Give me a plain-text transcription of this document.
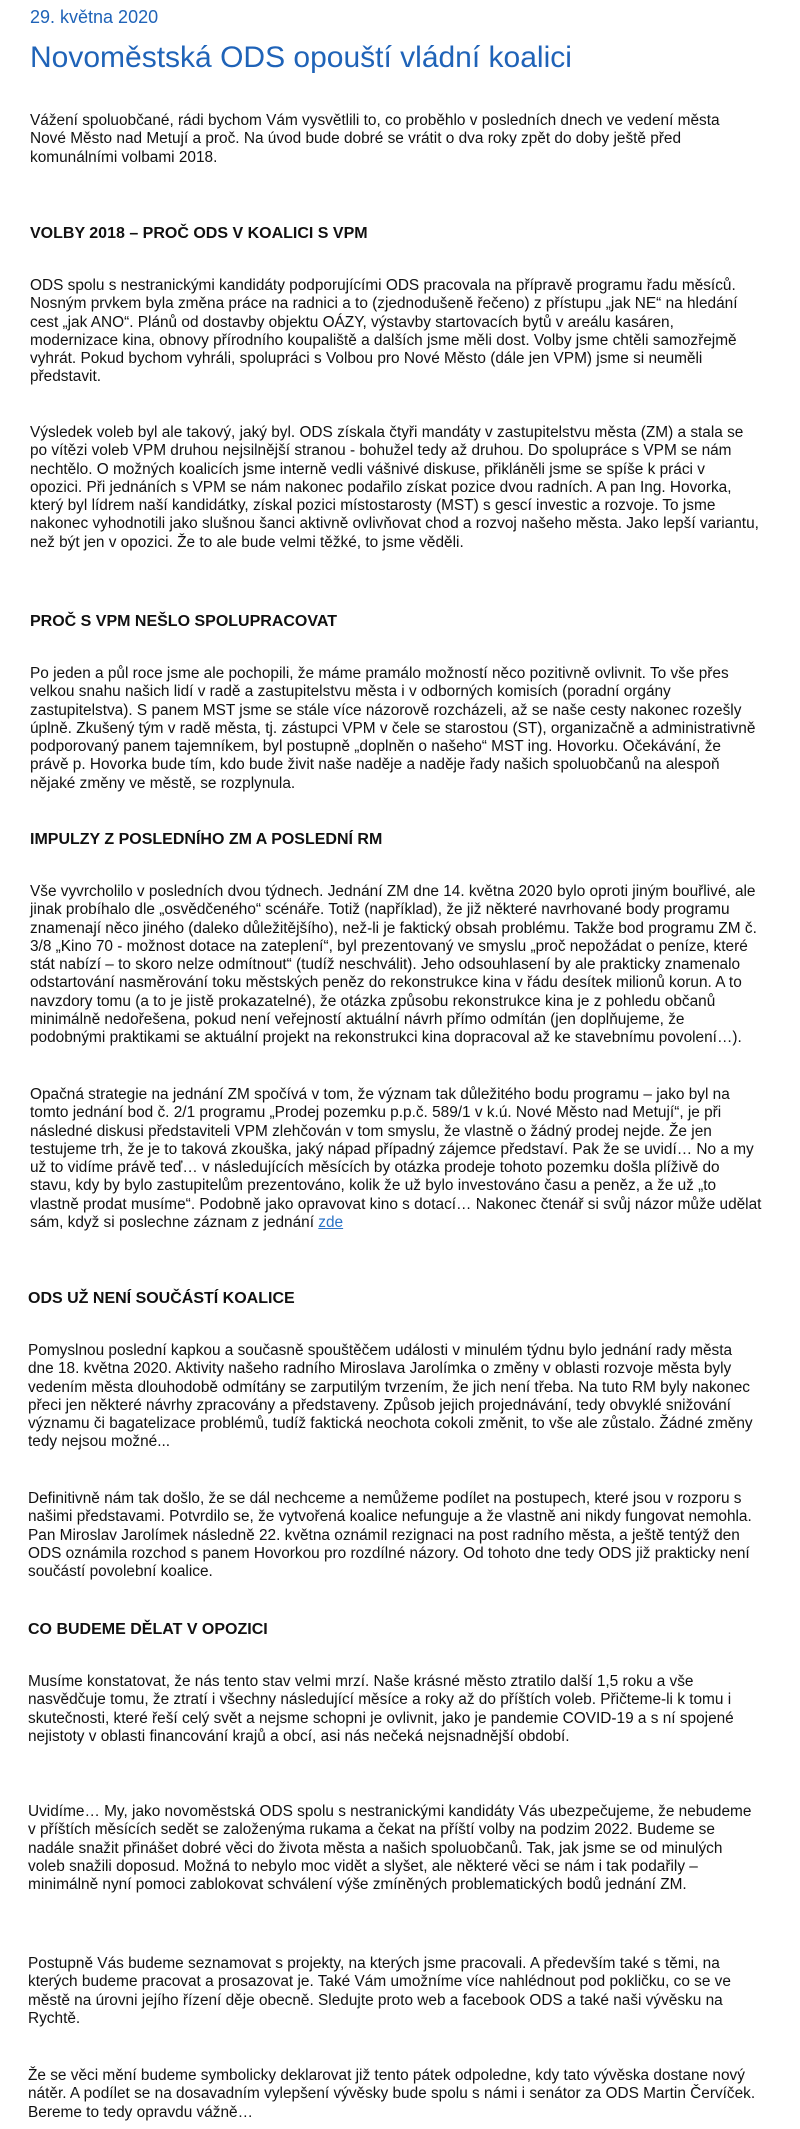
29. května 2020
Novoměstská ODS opouští vládní koalici

Vážení spoluobčané, rádi bychom Vám vysvětlili to, co proběhlo v posledních dnech ve vedení města Nové Město nad Metují a proč. Na úvod bude dobré se vrátit o dva roky zpět do doby ještě před komunálními volbami 2018.

VOLBY 2018 – PROČ ODS V KOALICI S VPM

ODS spolu s nestranickými kandidáty podporujícími ODS pracovala na přípravě programu řadu měsíců. Nosným prvkem byla změna práce na radnici a to (zjednodušeně řečeno) z přístupu „jak NE“ na hledání cest „jak ANO“. Plánů od dostavby objektu OÁZY, výstavby startovacích bytů v areálu kasáren, modernizace kina, obnovy přírodního koupaliště a dalších jsme měli dost. Volby jsme chtěli samozřejmě vyhrát. Pokud bychom vyhráli, spolupráci s Volbou pro Nové Město (dále jen VPM) jsme si neuměli představit.

Výsledek voleb byl ale takový, jaký byl. ODS získala čtyři mandáty v zastupitelstvu města (ZM) a stala se po vítězi voleb VPM druhou nejsilnější stranou - bohužel tedy až druhou. Do spolupráce s VPM se nám nechtělo. O možných koalicích jsme interně vedli vášnivé diskuse, přikláněli jsme se spíše k práci v opozici. Při jednáních s VPM se nám nakonec podařilo získat pozice dvou radních. A pan Ing. Hovorka, který byl lídrem naší kandidátky, získal pozici místostarosty (MST) s gescí investic a rozvoje. To jsme nakonec vyhodnotili jako slušnou šanci aktivně ovlivňovat chod a rozvoj našeho města. Jako lepší variantu, než být jen v opozici. Že to ale bude velmi těžké, to jsme věděli.

PROČ S VPM NEŠLO SPOLUPRACOVAT

Po jeden a půl roce jsme ale pochopili, že máme pramálo možností něco pozitivně ovlivnit. To vše přes velkou snahu našich lidí v radě a zastupitelstvu města i v odborných komisích (poradní orgány zastupitelstva). S panem MST jsme se stále více názorově rozcházeli, až se naše cesty nakonec rozešly úplně. Zkušený tým v radě města, tj. zástupci VPM v čele se starostou (ST), organizačně a administrativně podporovaný panem tajemníkem, byl postupně „doplněn o našeho“ MST ing. Hovorku. Očekávání, že právě p. Hovorka bude tím, kdo bude živit naše naděje a naděje řady našich spoluobčanů na alespoň nějaké změny ve městě, se rozplynula.

IMPULZY Z POSLEDNÍHO ZM A POSLEDNÍ RM

Vše vyvrcholilo v posledních dvou týdnech. Jednání ZM dne 14. května 2020 bylo oproti jiným bouřlivé, ale jinak probíhalo dle „osvědčeného“ scénáře. Totiž (například), že již některé navrhované body programu znamenají něco jiného (daleko důležitějšího), než-li je faktický obsah problému. Takže bod programu ZM č. 3/8 „Kino 70 - možnost dotace na zateplení“, byl prezentovaný ve smyslu „proč nepožádat o peníze, které stát nabízí – to skoro nelze odmítnout“ (tudíž neschválit). Jeho odsouhlasení by ale prakticky znamenalo odstartování nasměrování toku městských peněz do rekonstrukce kina v řádu desítek milionů korun. A to navzdory tomu (a to je jistě prokazatelné), že otázka způsobu rekonstrukce kina je z pohledu občanů minimálně nedořešena, pokud není veřejností aktuální návrh přímo odmítán (jen doplňujeme, že podobnými praktikami se aktuální projekt na rekonstrukci kina dopracoval až ke stavebnímu povolení…).

Opačná strategie na jednání ZM spočívá v tom, že význam tak důležitého bodu programu – jako byl na tomto jednání bod č. 2/1 programu „Prodej pozemku p.p.č. 589/1 v k.ú. Nové Město nad Metují“, je při následné diskusi představiteli VPM zlehčován v tom smyslu, že vlastně o žádný prodej nejde. Že jen testujeme trh, že je to taková zkouška, jaký nápad případný zájemce představí. Pak že se uvidí… No a my už to vidíme právě teď… v následujících měsících by otázka prodeje tohoto pozemku došla plíživě do stavu, kdy by bylo zastupitelům prezentováno, kolik že už bylo investováno času a peněz, a že už „to vlastně prodat musíme“. Podobně jako opravovat kino s dotací… Nakonec čtenář si svůj názor může udělat sám, když si poslechne záznam z jednání zde

ODS UŽ NENÍ SOUČÁSTÍ KOALICE

Pomyslnou poslední kapkou a současně spouštěčem události v minulém týdnu bylo jednání rady města dne 18. května 2020. Aktivity našeho radního Miroslava Jarolímka o změny v oblasti rozvoje města byly vedením města dlouhodobě odmítány se zarputilým tvrzením, že jich není třeba. Na tuto RM byly nakonec přeci jen některé návrhy zpracovány a představeny. Způsob jejich projednávání, tedy obvyklé snižování významu či bagatelizace problémů, tudíž faktická neochota cokoli změnit, to vše ale zůstalo. Žádné změny tedy nejsou možné...

Definitivně nám tak došlo, že se dál nechceme a nemůžeme podílet na postupech, které jsou v rozporu s našimi představami. Potvrdilo se, že vytvořená koalice nefunguje a že vlastně ani nikdy fungovat nemohla. Pan Miroslav Jarolímek následně 22. května oznámil rezignaci na post radního města, a ještě tentýž den ODS oznámila rozchod s panem Hovorkou pro rozdílné názory. Od tohoto dne tedy ODS již prakticky není součástí povolební koalice.

CO BUDEME DĚLAT V OPOZICI

Musíme konstatovat, že nás tento stav velmi mrzí. Naše krásné město ztratilo další 1,5 roku a vše nasvědčuje tomu, že ztratí i všechny následující měsíce a roky až do příštích voleb. Přičteme-li k tomu i skutečnosti, které řeší celý svět a nejsme schopni je ovlivnit, jako je pandemie COVID-19 a s ní spojené nejistoty v oblasti financování krajů a obcí, asi nás nečeká nejsnadnější období.

Uvidíme… My, jako novoměstská ODS spolu s nestranickými kandidáty Vás ubezpečujeme, že nebudeme v příštích měsících sedět se založenýma rukama a čekat na příští volby na podzim 2022. Budeme se nadále snažit přinášet dobré věci do života města a našich spoluobčanů. Tak, jak jsme se od minulých voleb snažili doposud. Možná to nebylo moc vidět a slyšet, ale některé věci se nám i tak podařily – minimálně nyní pomoci zablokovat schválení výše zmíněných problematických bodů jednání ZM.

Postupně Vás budeme seznamovat s projekty, na kterých jsme pracovali. A především také s těmi, na kterých budeme pracovat a prosazovat je. Také Vám umožníme více nahlédnout pod pokličku, co se ve městě na úrovni jejího řízení děje obecně. Sledujte proto web a facebook ODS a také naši vývěsku na Rychtě.

Že se věci mění budeme symbolicky deklarovat již tento pátek odpoledne, kdy tato vývěska dostane nový nátěr. A podílet se na dosavadním vylepšení vývěsky bude spolu s námi i senátor za ODS Martin Červíček. Bereme to tedy opravdu vážně…
